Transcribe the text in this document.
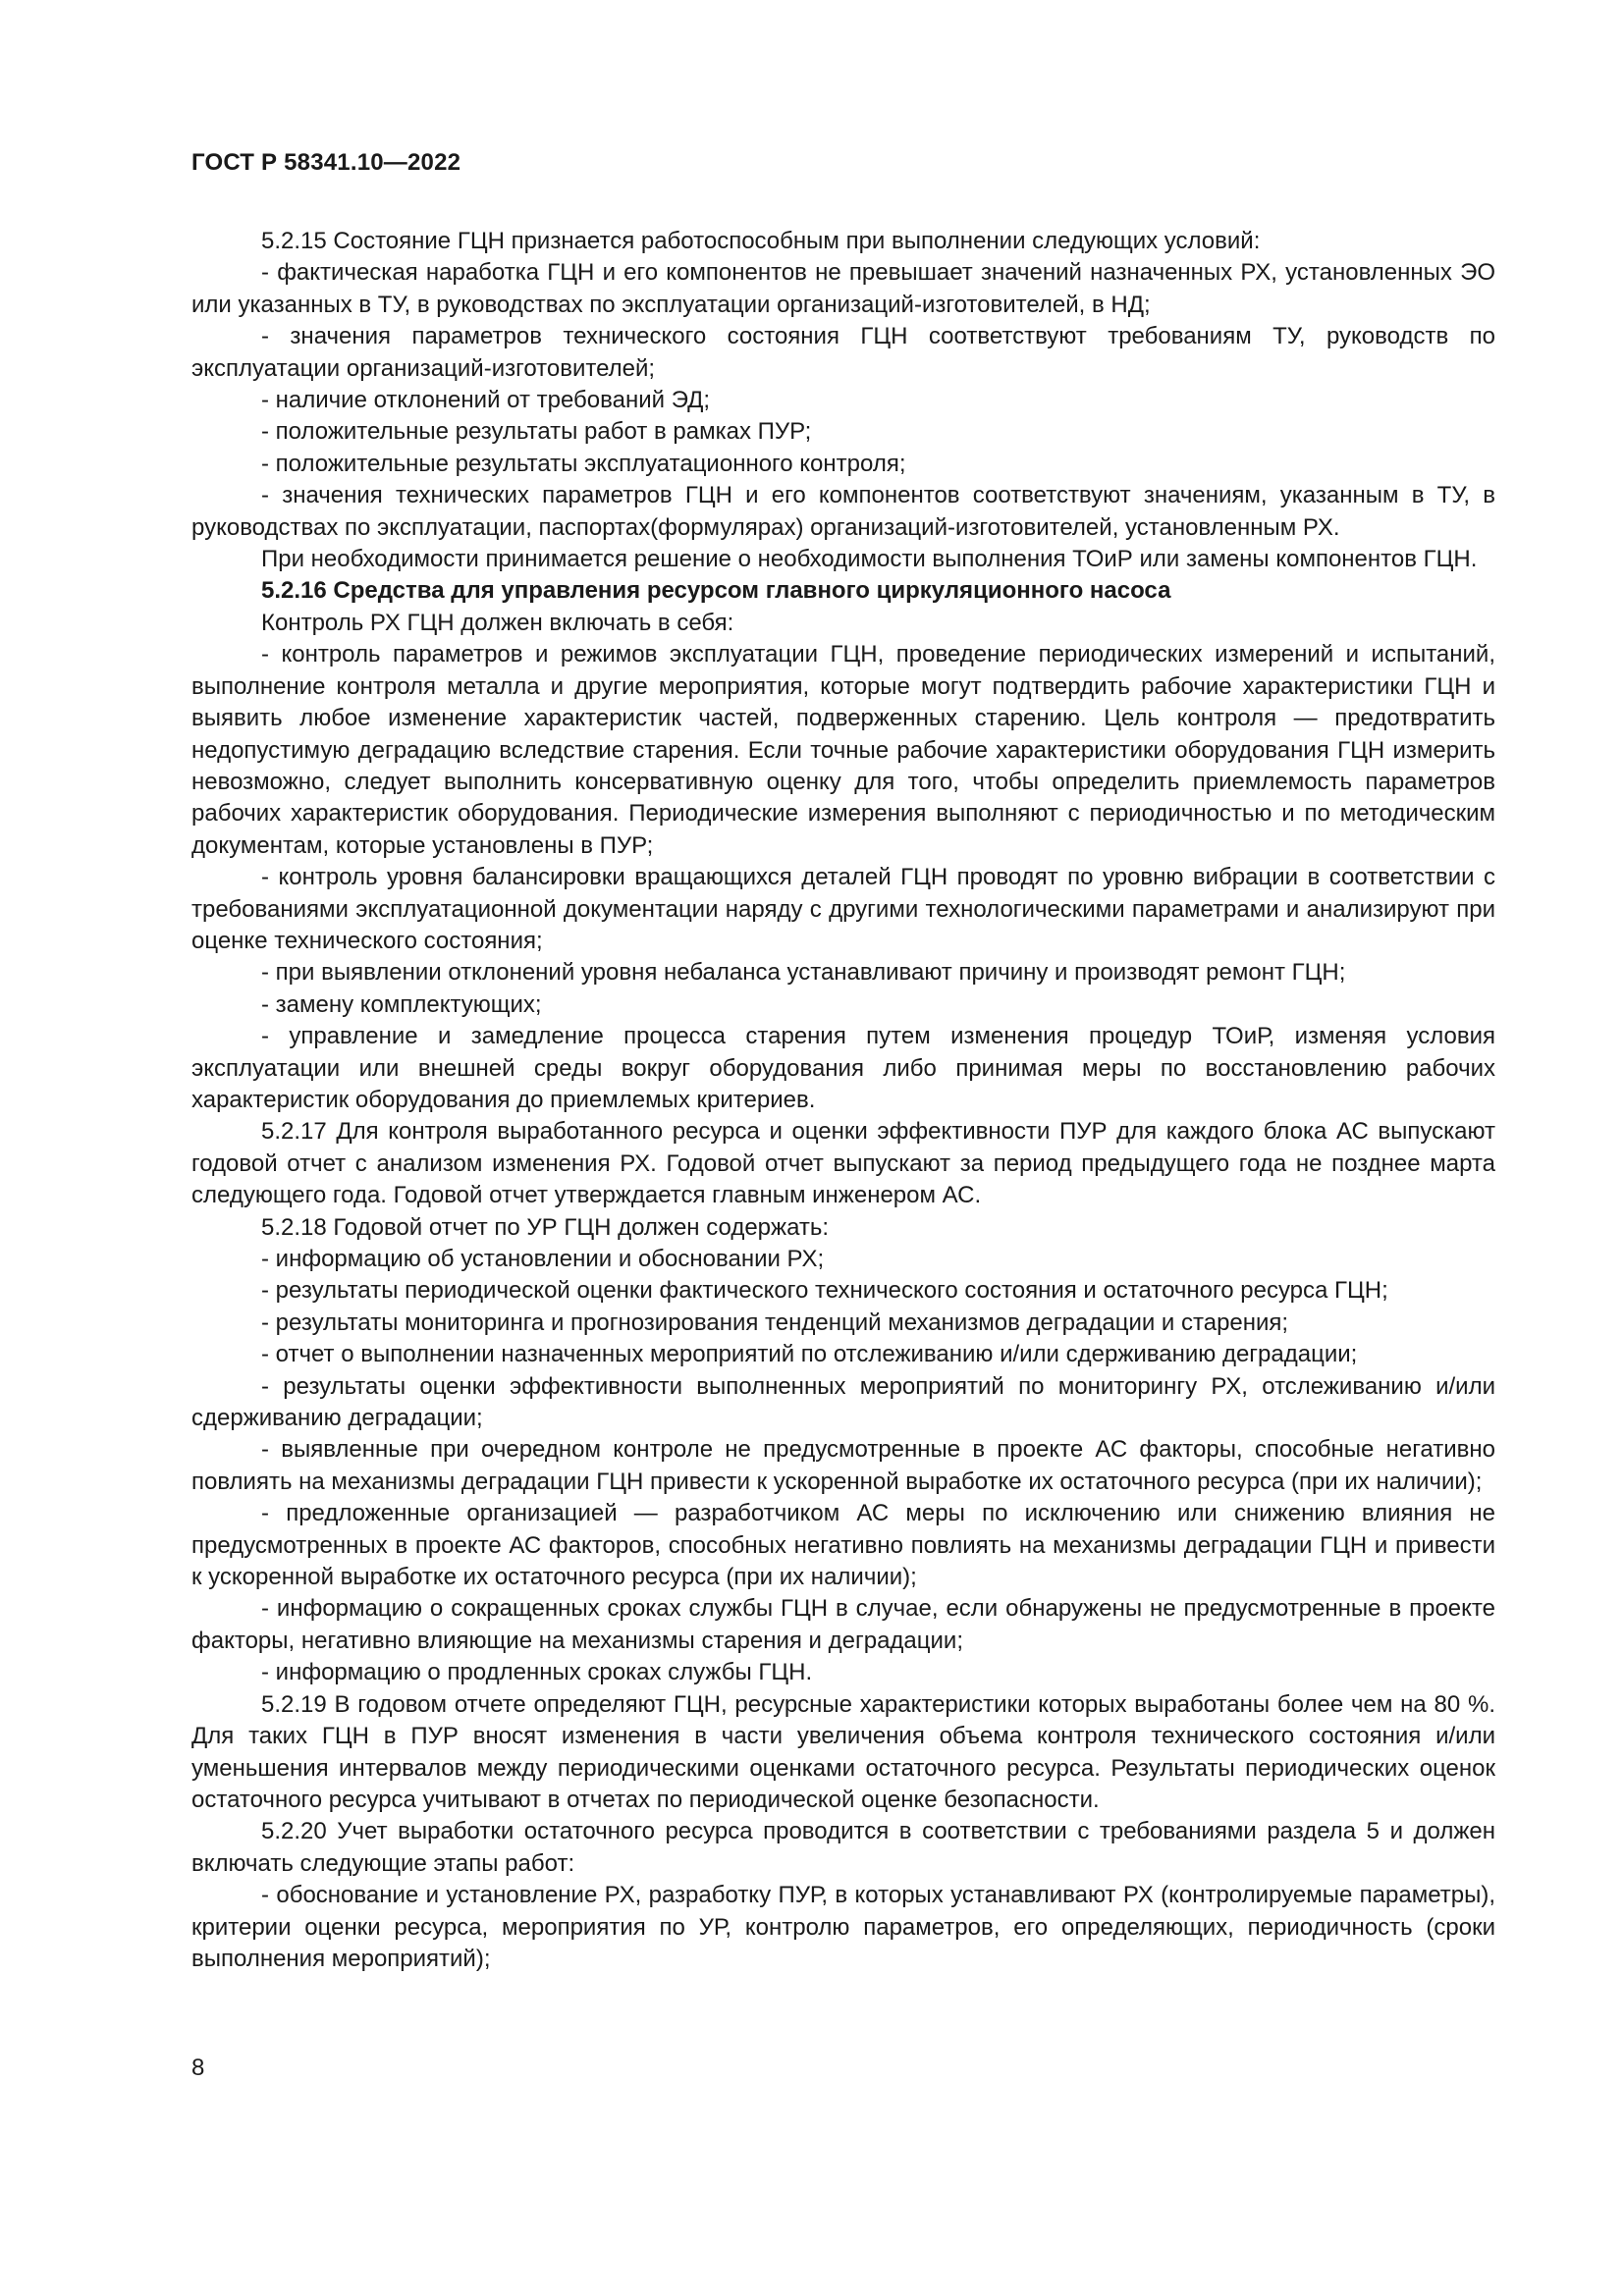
ГОСТ Р 58341.10—2022

5.2.15 Состояние ГЦН признается работоспособным при выполнении следующих условий:

- фактическая наработка ГЦН и его компонентов не превышает значений назначенных РХ, установленных ЭО или указанных в ТУ, в руководствах по эксплуатации организаций-изготовителей, в НД;

- значения параметров технического состояния ГЦН соответствуют требованиям ТУ, руководств по эксплуатации организаций-изготовителей;

- наличие отклонений от требований ЭД;

- положительные результаты работ в рамках ПУР;

- положительные результаты эксплуатационного контроля;

- значения технических параметров ГЦН и его компонентов соответствуют значениям, указанным в ТУ, в руководствах по эксплуатации, паспортах(формулярах) организаций-изготовителей, установленным РХ.

При необходимости принимается решение о необходимости выполнения ТОиР или замены компонентов ГЦН.

5.2.16 Средства для управления ресурсом главного циркуляционного насоса

Контроль РХ ГЦН должен включать в себя:

- контроль параметров и режимов эксплуатации ГЦН, проведение периодических измерений и испытаний, выполнение контроля металла и другие мероприятия, которые могут подтвердить рабочие характеристики ГЦН и выявить любое изменение характеристик частей, подверженных старению. Цель контроля — предотвратить недопустимую деградацию вследствие старения. Если точные рабочие характеристики оборудования ГЦН измерить невозможно, следует выполнить консервативную оценку для того, чтобы определить приемлемость параметров рабочих характеристик оборудования. Периодические измерения выполняют с периодичностью и по методическим документам, которые установлены в ПУР;

- контроль уровня балансировки вращающихся деталей ГЦН проводят по уровню вибрации в соответствии с требованиями эксплуатационной документации наряду с другими технологическими параметрами и анализируют при оценке технического состояния;

- при выявлении отклонений уровня небаланса устанавливают причину и производят ремонт ГЦН;

- замену комплектующих;

- управление и замедление процесса старения путем изменения процедур ТОиР, изменяя условия эксплуатации или внешней среды вокруг оборудования либо принимая меры по восстановлению рабочих характеристик оборудования до приемлемых критериев.

5.2.17 Для контроля выработанного ресурса и оценки эффективности ПУР для каждого блока АС выпускают годовой отчет с анализом изменения РХ. Годовой отчет выпускают за период предыдущего года не позднее марта следующего года. Годовой отчет утверждается главным инженером АС.

5.2.18 Годовой отчет по УР ГЦН должен содержать:

- информацию об установлении и обосновании РХ;

- результаты периодической оценки фактического технического состояния и остаточного ресурса ГЦН;

- результаты мониторинга и прогнозирования тенденций механизмов деградации и старения;

- отчет о выполнении назначенных мероприятий по отслеживанию и/или сдерживанию деградации;

- результаты оценки эффективности выполненных мероприятий по мониторингу РХ, отслеживанию и/или сдерживанию деградации;

- выявленные при очередном контроле не предусмотренные в проекте АС факторы, способные негативно повлиять на механизмы деградации ГЦН привести к ускоренной выработке их остаточного ресурса (при их наличии);

- предложенные организацией — разработчиком АС меры по исключению или снижению влияния не предусмотренных в проекте АС факторов, способных негативно повлиять на механизмы деградации ГЦН и привести к ускоренной выработке их остаточного ресурса (при их наличии);

- информацию о сокращенных сроках службы ГЦН в случае, если обнаружены не предусмотренные в проекте факторы, негативно влияющие на механизмы старения и деградации;

- информацию о продленных сроках службы ГЦН.

5.2.19 В годовом отчете определяют ГЦН, ресурсные характеристики которых выработаны более чем на 80 %. Для таких ГЦН в ПУР вносят изменения в части увеличения объема контроля технического состояния и/или уменьшения интервалов между периодическими оценками остаточного ресурса. Результаты периодических оценок остаточного ресурса учитывают в отчетах по периодической оценке безопасности.

5.2.20 Учет выработки остаточного ресурса проводится в соответствии с требованиями раздела 5 и должен включать следующие этапы работ:

- обоснование и установление РХ, разработку ПУР, в которых устанавливают РХ (контролируемые параметры), критерии оценки ресурса, мероприятия по УР, контролю параметров, его определяющих, периодичность (сроки выполнения мероприятий);

8
